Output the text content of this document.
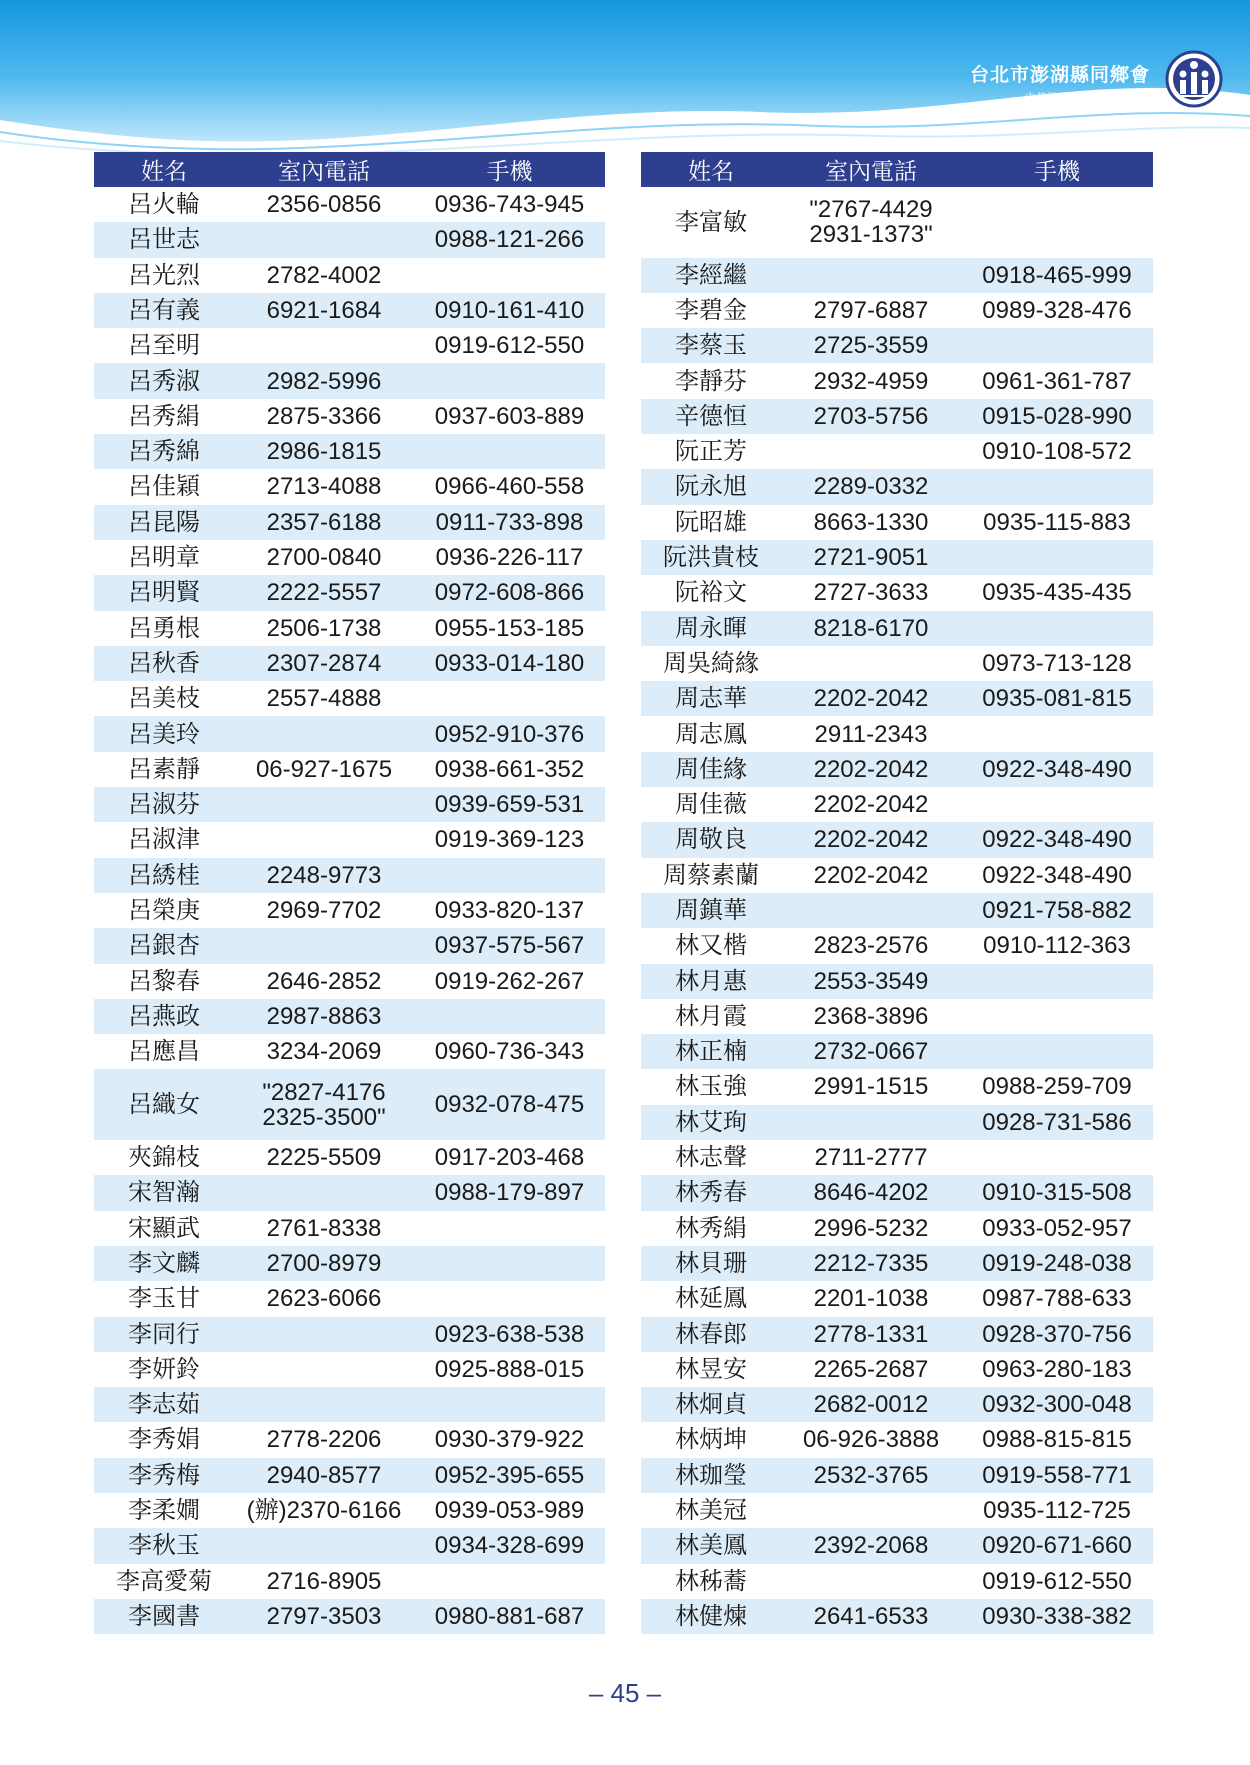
台北市澎湖縣同鄉會
中華民國111年12月出刊
姓名	室內電話	手機
呂火輪	2356-0856	0936-743-945
呂世志		0988-121-266
呂光烈	2782-4002	
呂有義	6921-1684	0910-161-410
呂至明		0919-612-550
呂秀淑	2982-5996	
呂秀絹	2875-3366	0937-603-889
呂秀綿	2986-1815	
呂佳穎	2713-4088	0966-460-558
呂昆陽	2357-6188	0911-733-898
呂明章	2700-0840	0936-226-117
呂明賢	2222-5557	0972-608-866
呂勇根	2506-1738	0955-153-185
呂秋香	2307-2874	0933-014-180
呂美枝	2557-4888	
呂美玲		0952-910-376
呂素靜	06-927-1675	0938-661-352
呂淑芬		0939-659-531
呂淑津		0919-369-123
呂綉桂	2248-9773	
呂榮庚	2969-7702	0933-820-137
呂銀杏		0937-575-567
呂黎春	2646-2852	0919-262-267
呂燕政	2987-8863	
呂應昌	3234-2069	0960-736-343
呂織女	"2827-4176
2325-3500"	0932-078-475
夾錦枝	2225-5509	0917-203-468
宋智瀚		0988-179-897
宋顯武	2761-8338	
李文麟	2700-8979	
李玉甘	2623-6066	
李同行		0923-638-538
李妍鈴		0925-888-015
李志茹		
李秀娟	2778-2206	0930-379-922
李秀梅	2940-8577	0952-395-655
李柔嫺	(辦)2370-6166	0939-053-989
李秋玉		0934-328-699
李高愛菊	2716-8905	
李國書	2797-3503	0980-881-687
姓名	室內電話	手機
李富敏	"2767-4429
2931-1373"	
李經繼		0918-465-999
李碧金	2797-6887	0989-328-476
李蔡玉	2725-3559	
李靜芬	2932-4959	0961-361-787
辛德恒	2703-5756	0915-028-990
阮正芳		0910-108-572
阮永旭	2289-0332	
阮昭雄	8663-1330	0935-115-883
阮洪貴枝	2721-9051	
阮裕文	2727-3633	0935-435-435
周永暉	8218-6170	
周吳綺緣		0973-713-128
周志華	2202-2042	0935-081-815
周志鳳	2911-2343	
周佳緣	2202-2042	0922-348-490
周佳薇	2202-2042	
周敬良	2202-2042	0922-348-490
周蔡素蘭	2202-2042	0922-348-490
周鎮華		0921-758-882
林又楷	2823-2576	0910-112-363
林月惠	2553-3549	
林月霞	2368-3896	
林正楠	2732-0667	
林玉強	2991-1515	0988-259-709
林艾珣		0928-731-586
林志聲	2711-2777	
林秀春	8646-4202	0910-315-508
林秀絹	2996-5232	0933-052-957
林貝珊	2212-7335	0919-248-038
林延鳳	2201-1038	0987-788-633
林春郎	2778-1331	0928-370-756
林昱安	2265-2687	0963-280-183
林炯貞	2682-0012	0932-300-048
林炳坤	06-926-3888	0988-815-815
林珈瑩	2532-3765	0919-558-771
林美冠		0935-112-725
林美鳳	2392-2068	0920-671-660
林秭蕎		0919-612-550
林健煉	2641-6533	0930-338-382
– 45 –
